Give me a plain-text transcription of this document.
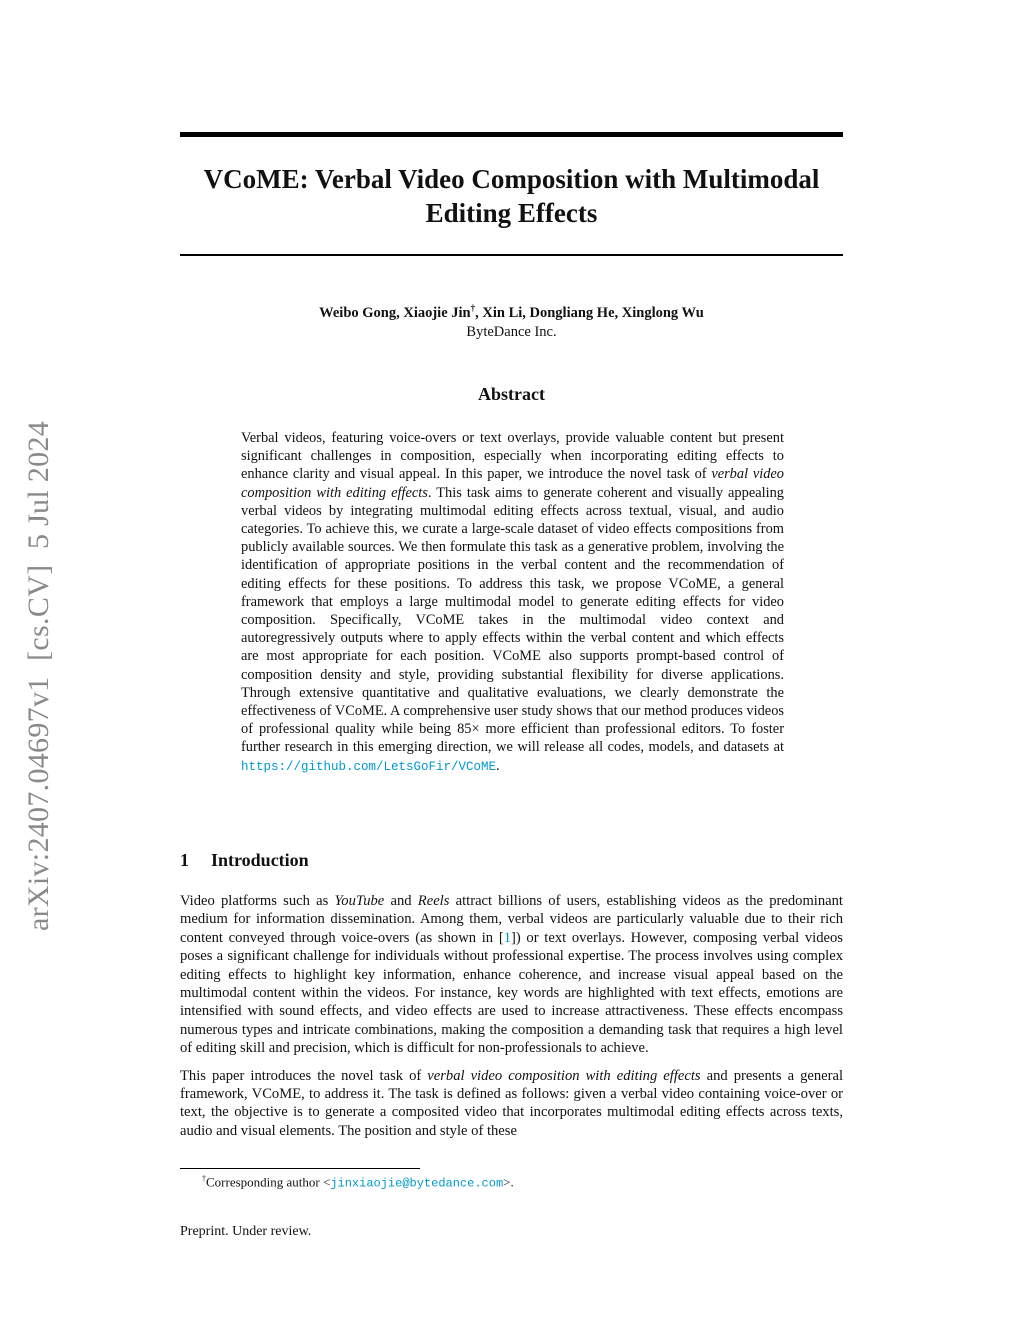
arXiv:2407.04697v1  [cs.CV]  5 Jul 2024
VCoME: Verbal Video Composition with Multimodal
Editing Effects
Weibo Gong, Xiaojie Jin†, Xin Li, Dongliang He, Xinglong Wu
ByteDance Inc.
Abstract
Verbal videos, featuring voice-overs or text overlays, provide valuable content but present significant challenges in composition, especially when incorporating editing effects to enhance clarity and visual appeal. In this paper, we introduce the novel task of verbal video composition with editing effects. This task aims to generate coherent and visually appealing verbal videos by integrating multimodal editing effects across textual, visual, and audio categories. To achieve this, we curate a large-scale dataset of video effects compositions from publicly available sources. We then formulate this task as a generative problem, involving the identification of appropriate positions in the verbal content and the recommendation of editing effects for these positions. To address this task, we propose VCoME, a general framework that employs a large multimodal model to generate editing effects for video composition. Specifically, VCoME takes in the multimodal video context and autoregressively outputs where to apply effects within the verbal content and which effects are most appropriate for each position. VCoME also supports prompt-based control of composition density and style, providing substantial flexibility for diverse applications. Through extensive quantitative and qualitative evaluations, we clearly demonstrate the effectiveness of VCoME. A comprehensive user study shows that our method produces videos of professional quality while being 85× more efficient than professional editors. To foster further research in this emerging direction, we will release all codes, models, and datasets at https://github.com/LetsGoFir/VCoME.
1 Introduction

Video platforms such as YouTube and Reels attract billions of users, establishing videos as the predominant medium for information dissemination. Among them, verbal videos are particularly valuable due to their rich content conveyed through voice-overs (as shown in [1]) or text overlays. However, composing verbal videos poses a significant challenge for individuals without professional expertise. The process involves using complex editing effects to highlight key information, enhance coherence, and increase visual appeal based on the multimodal content within the videos. For instance, key words are highlighted with text effects, emotions are intensified with sound effects, and video effects are used to increase attractiveness. These effects encompass numerous types and intricate combinations, making the composition a demanding task that requires a high level of editing skill and precision, which is difficult for non-professionals to achieve.

This paper introduces the novel task of verbal video composition with editing effects and presents a general framework, VCoME, to address it. The task is defined as follows: given a verbal video containing voice-over or text, the objective is to generate a composited video that incorporates multimodal editing effects across texts, audio and visual elements. The position and style of these

†Corresponding author <jinxiaojie@bytedance.com>.
Preprint. Under review.
